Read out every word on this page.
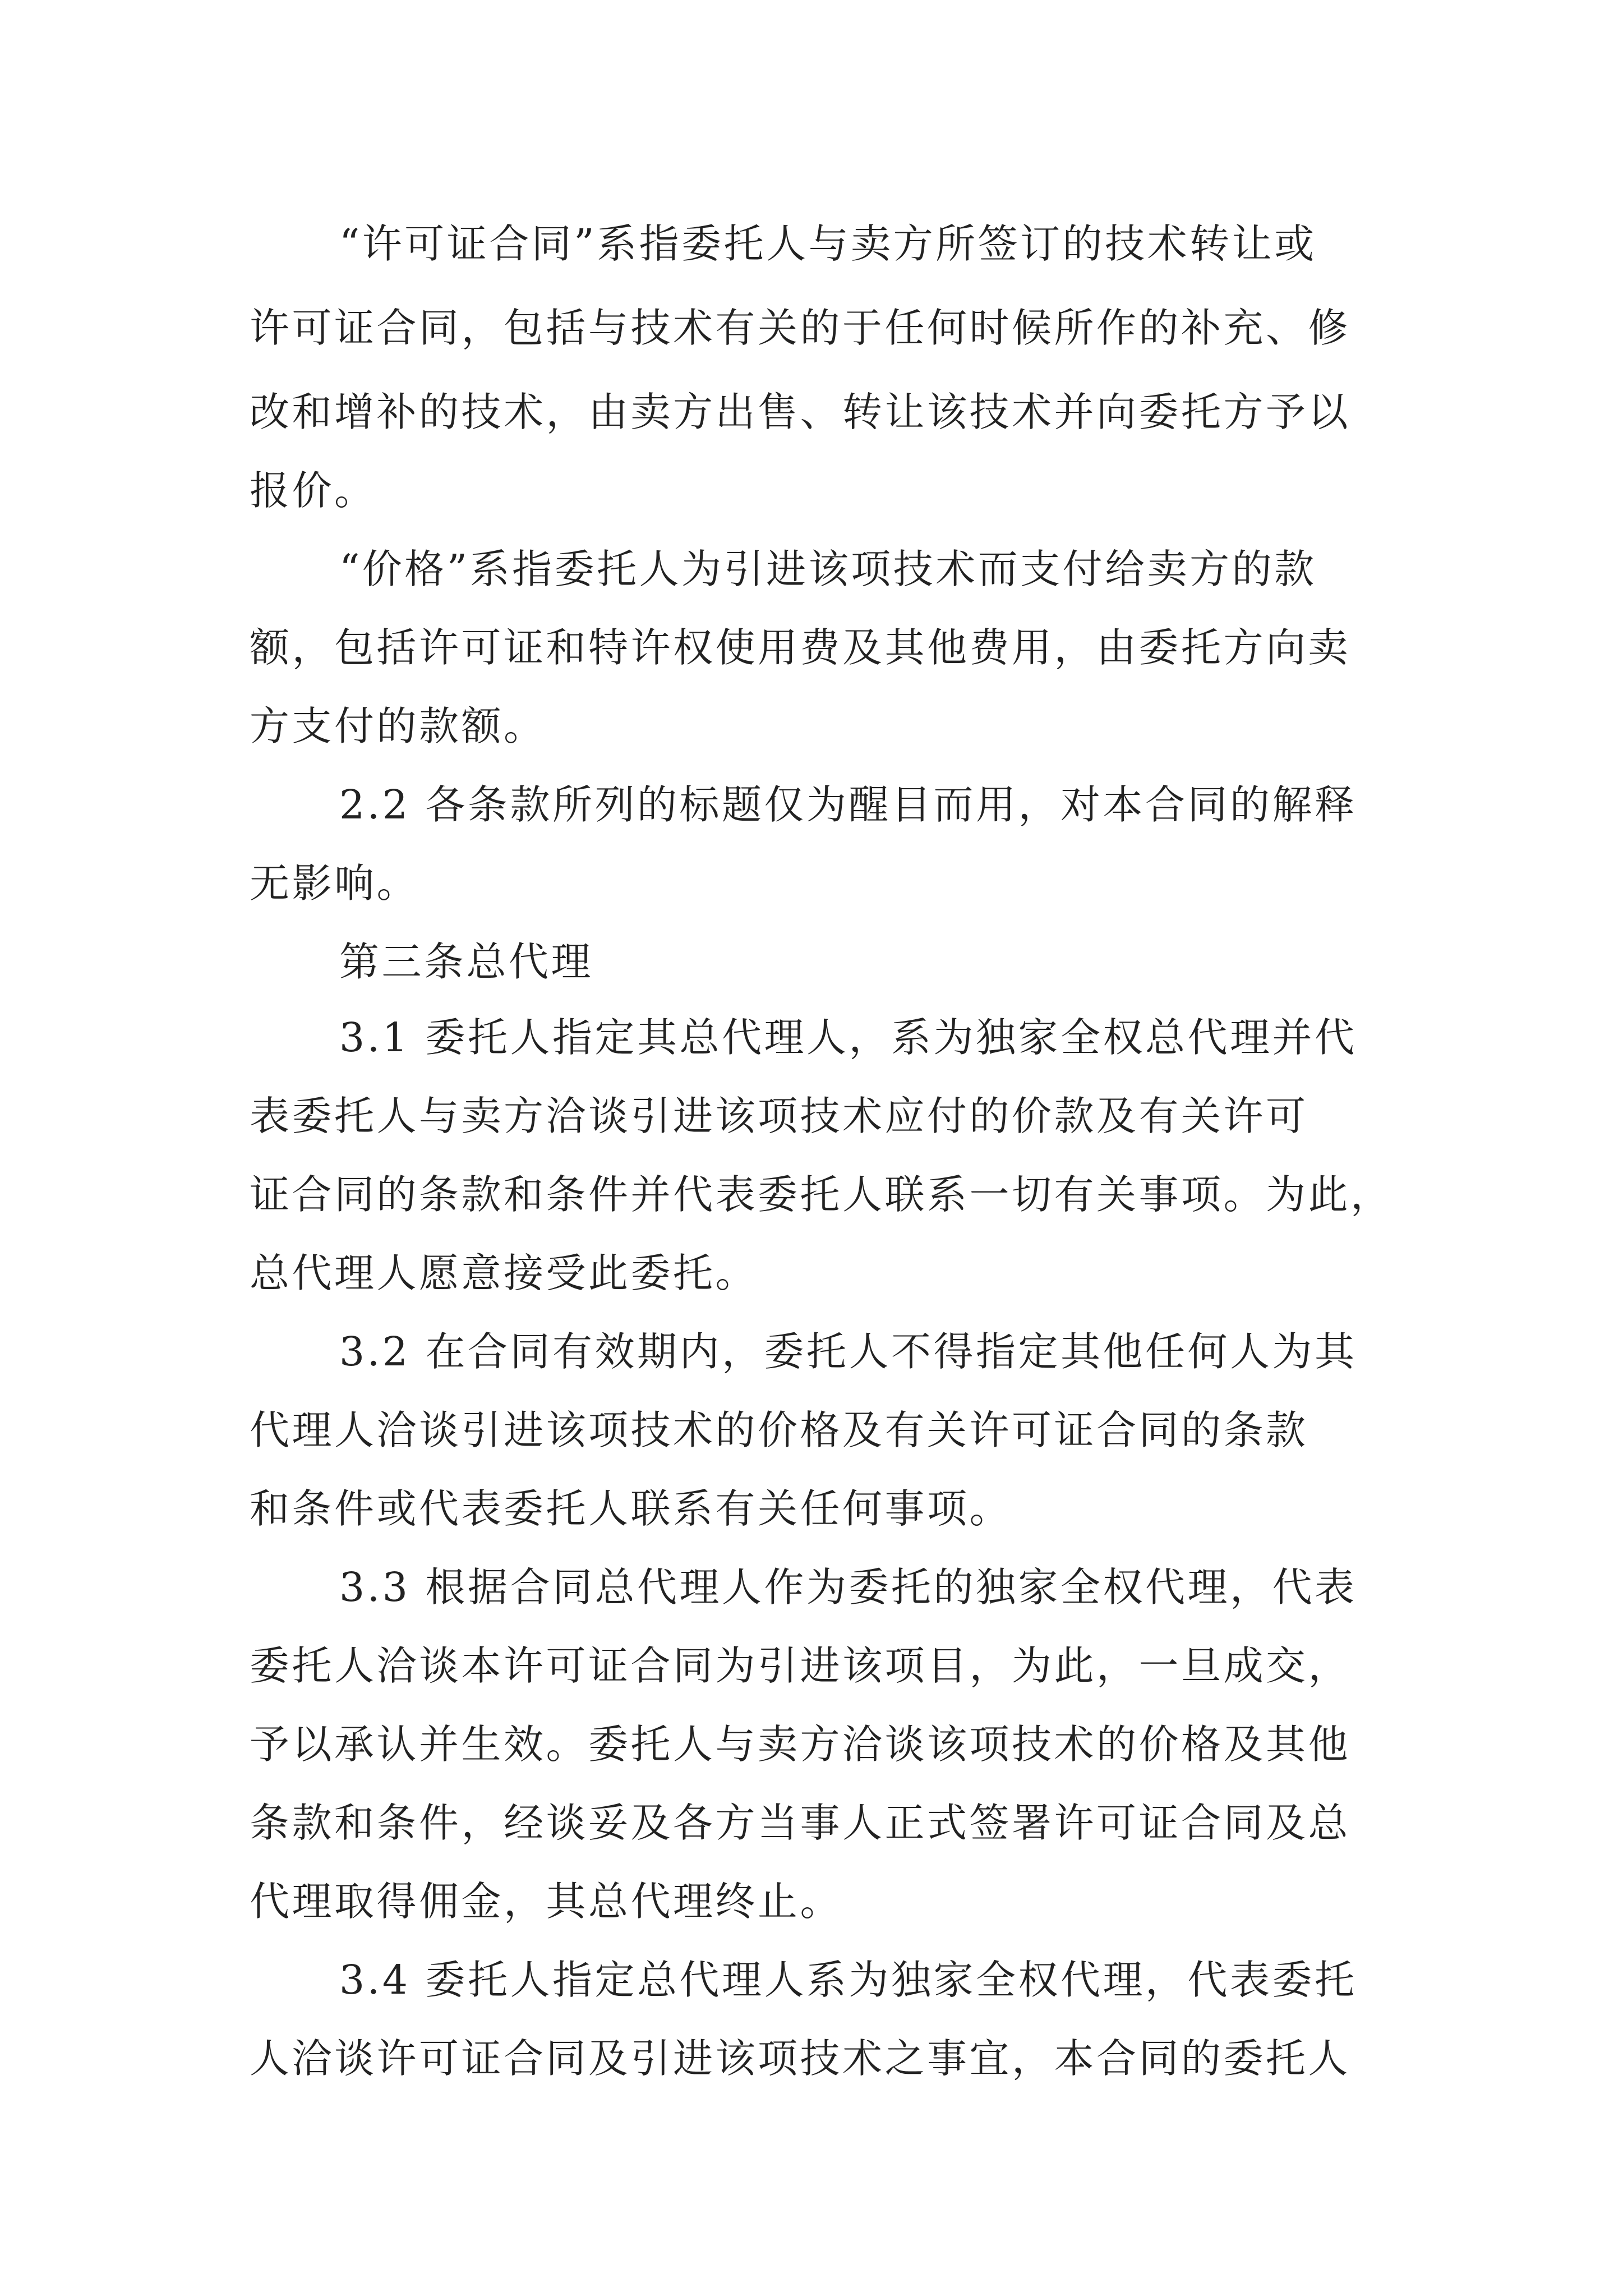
“许可证合同”系指委托人与卖方所签订的技术转让或

许可证合同，包括与技术有关的于任何时候所作的补充、修

改和增补的技术，由卖方出售、转让该技术并向委托方予以

报价。

“价格”系指委托人为引进该项技术而支付给卖方的款

额，包括许可证和特许权使用费及其他费用，由委托方向卖

方支付的款额。

2.2 各条款所列的标题仅为醒目而用，对本合同的解释

无影响。

第三条总代理

3.1 委托人指定其总代理人，系为独家全权总代理并代

表委托人与卖方洽谈引进该项技术应付的价款及有关许可

证合同的条款和条件并代表委托人联系一切有关事项。为此，

总代理人愿意接受此委托。

3.2 在合同有效期内，委托人不得指定其他任何人为其

代理人洽谈引进该项技术的价格及有关许可证合同的条款

和条件或代表委托人联系有关任何事项。

3.3 根据合同总代理人作为委托的独家全权代理，代表

委托人洽谈本许可证合同为引进该项目，为此，一旦成交，

予以承认并生效。委托人与卖方洽谈该项技术的价格及其他

条款和条件，经谈妥及各方当事人正式签署许可证合同及总

代理取得佣金，其总代理终止。

3.4 委托人指定总代理人系为独家全权代理，代表委托

人洽谈许可证合同及引进该项技术之事宜，本合同的委托人
